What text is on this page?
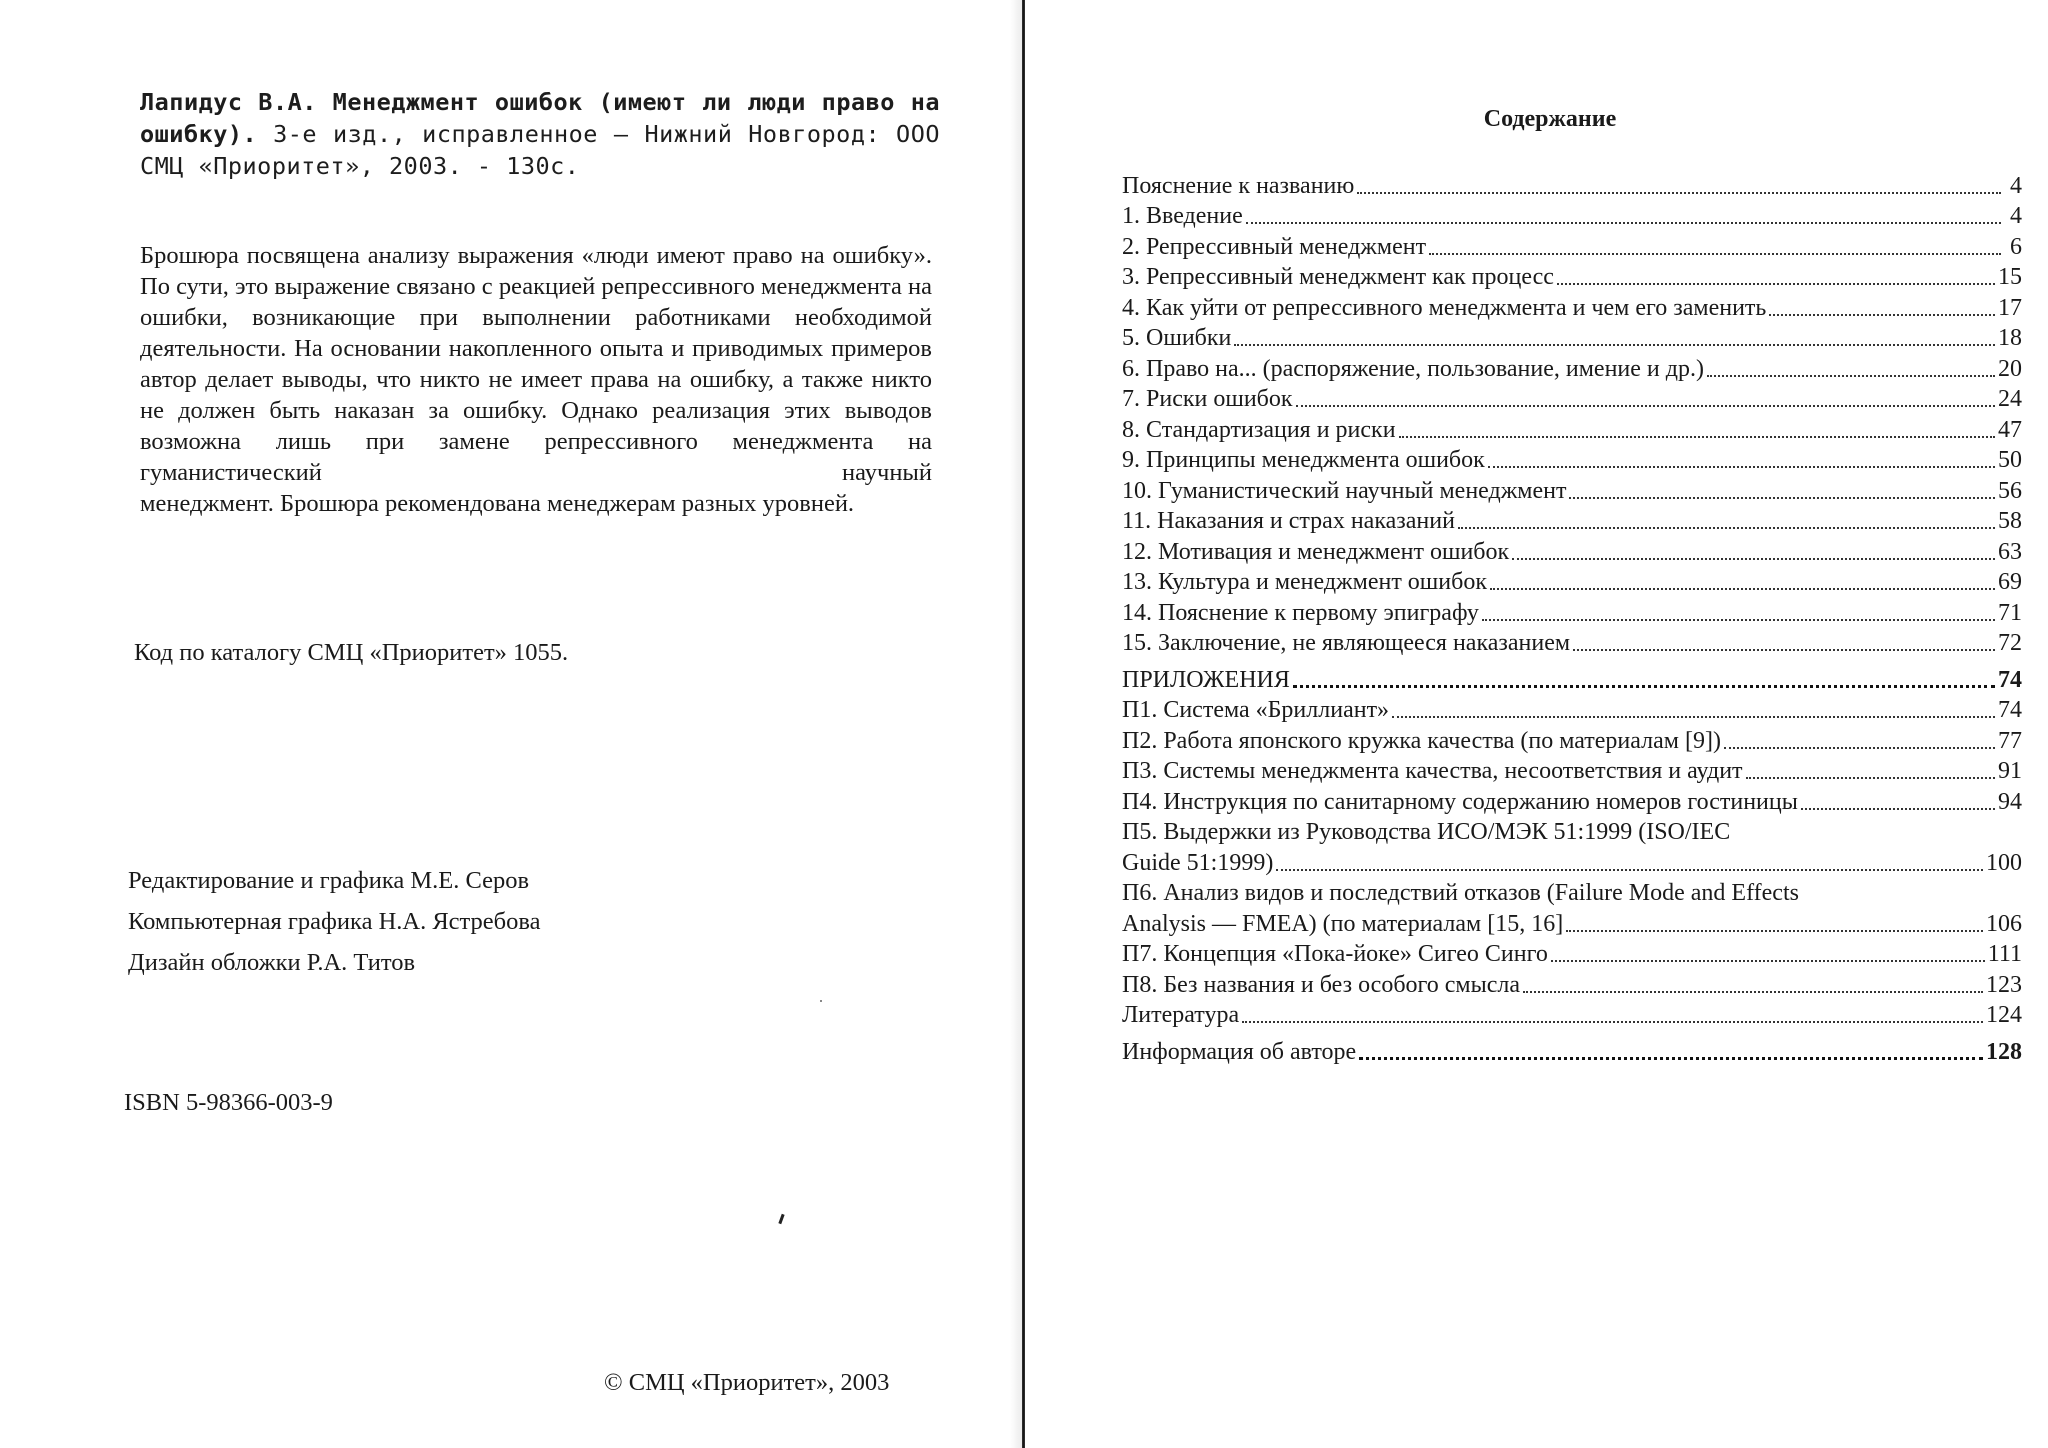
Лапидус В.А. Менеджмент ошибок (имеют ли люди право на ошибку). 3-е изд., исправленное — Нижний Новгород: ООО СМЦ «Приоритет», 2003. - 130с.
Брошюра посвящена анализу выражения «люди имеют право на ошибку». По сути, это выражение связано с реакцией репрессивного менеджмента на ошибки, возникающие при выполнении работниками необходимой деятельности. На основании накопленного опыта и приводимых примеров автор делает выводы, что никто не имеет права на ошибку, а также никто не должен быть наказан за ошибку. Однако реализация этих выводов возможна лишь при замене репрессивного менеджмента на гуманистический научный
менеджмент. Брошюра рекомендована менеджерам разных уровней.
Код по каталогу СМЦ «Приоритет» 1055.
Редактирование и графика М.Е. Серов
Компьютерная графика Н.А. Ястребова
Дизайн обложки Р.А. Титов
ISBN 5-98366-003-9
© СМЦ «Приоритет», 2003
Содержание
Пояснение к названию	4
1. Введение	4
2. Репрессивный менеджмент	6
3. Репрессивный менеджмент как процесс	15
4. Как уйти от репрессивного менеджмента и чем его заменить	17
5. Ошибки	18
6. Право на... (распоряжение, пользование, имение и др.)	20
7. Риски ошибок	24
8. Стандартизация и риски	47
9. Принципы менеджмента ошибок	50
10. Гуманистический научный менеджмент	56
11. Наказания и страх наказаний	58
12. Мотивация и менеджмент ошибок	63
13. Культура и менеджмент ошибок	69
14. Пояснение к первому эпиграфу	71
15. Заключение, не являющееся наказанием	72
ПРИЛОЖЕНИЯ	74
П1. Система «Бриллиант»	74
П2. Работа японского кружка качества (по материалам [9])	77
П3. Системы менеджмента качества, несоответствия и аудит	91
П4. Инструкция по санитарному содержанию номеров гостиницы	94
П5. Выдержки из Руководства ИСО/МЭК 51:1999 (ISO/IEC
Guide 51:1999)	100
П6. Анализ видов и последствий отказов (Failure Mode and Effects
Analysis — FMEA) (по материалам [15, 16]	106
П7. Концепция «Пока-йоке» Сигео Синго	111
П8. Без названия и без особого смысла	123
Литература	124
Информация об авторе	128
